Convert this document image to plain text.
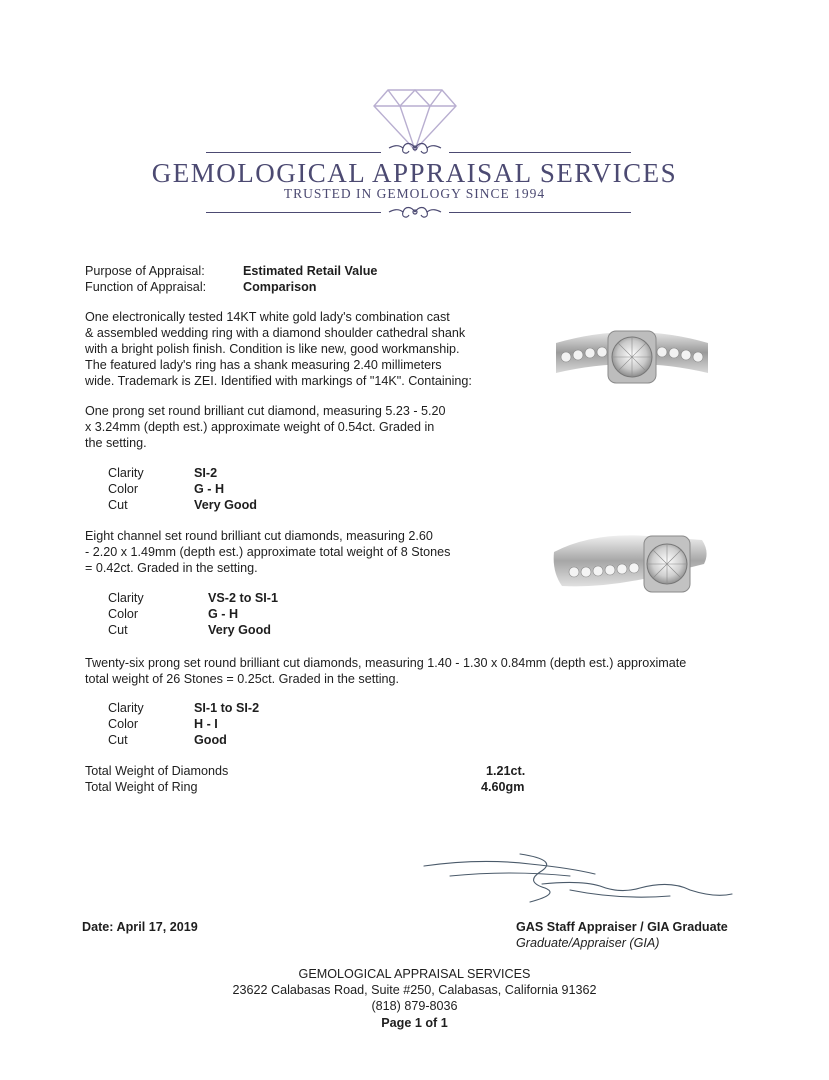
GEMOLOGICAL APPRAISAL SERVICES
TRUSTED IN GEMOLOGY SINCE 1994
Purpose of Appraisal:	Estimated Retail Value
Function of Appraisal:	Comparison
One electronically tested 14KT white gold lady's combination cast
& assembled wedding ring with a diamond shoulder cathedral shank
with a bright polish finish. Condition is like new, good workmanship.
The featured lady's ring has a shank measuring 2.40 millimeters
wide. Trademark is ZEI. Identified with markings of "14K". Containing:
One prong set round brilliant cut diamond, measuring 5.23 - 5.20
x 3.24mm (depth est.) approximate weight of 0.54ct. Graded in
the setting.
Clarity	SI-2
Color	G - H
Cut	Very Good
Eight channel set round brilliant cut diamonds, measuring 2.60
- 2.20 x 1.49mm (depth est.) approximate total weight of 8 Stones
= 0.42ct. Graded in the setting.
Clarity	VS-2 to SI-1
Color	G - H
Cut	Very Good
Twenty-six prong set round brilliant cut diamonds, measuring 1.40 - 1.30 x 0.84mm (depth est.) approximate
total weight of 26 Stones = 0.25ct. Graded in the setting.
Clarity	SI-1 to SI-2
Color	H - I
Cut	Good
Total Weight of Diamonds	1.21ct.
Total Weight of Ring	4.60gm
Date: April 17, 2019	GAS Staff Appraiser / GIA Graduate
Graduate/Appraiser (GIA)
GEMOLOGICAL APPRAISAL SERVICES
23622 Calabasas Road, Suite #250, Calabasas, California 91362
(818) 879-8036
Page 1 of 1
